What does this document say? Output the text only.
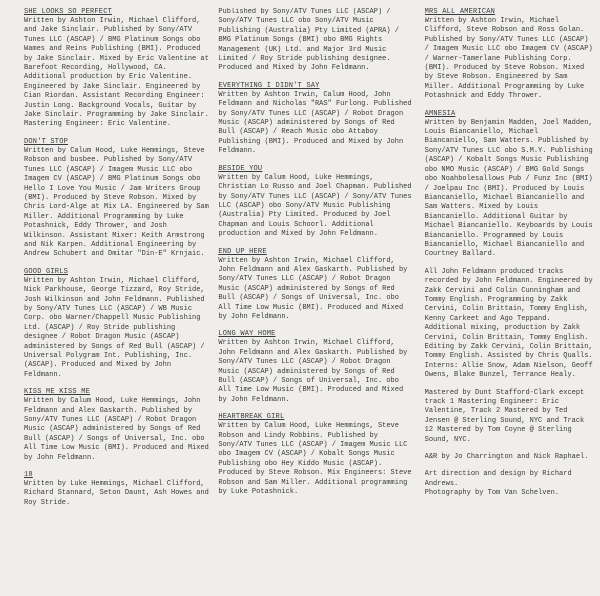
SHE LOOKS SO PERFECT
Written by Ashton Irwin, Michael Clifford, and Jake Sinclair. Published by Sony/ATV Tunes LLC (ASCAP) / BMG Platinum Songs obo Wames and Reins Publishing (BMI). Produced by Jake Sinclair. Mixed by Eric Valentine at Barefoot Recording, Hollywood, CA. Additional production by Eric Valentine. Engineered by Jake Sinclair. Engineered by Cian Riordan. Assistant Recording Engineer: Justin Long. Background Vocals, Guitar by Jake Sinclair. Programming by Jake Sinclair. Mastering Engineer: Eric Valentine.
DON'T STOP
Written by Calum Hood, Luke Hemmings, Steve Robson and busbee. Published by Sony/ATV Tunes LLC (ASCAP) / Imagem Music LLC obo Imagem CV (ASCAP) / BMG Platinum Songs obo Hello I Love You Music / Jam Writers Group (BMI). Produced by Steve Robson. Mixed by Chris Lord-Alge at Mix LA. Engineered by Sam Miller. Additional Programming by Luke Potashnick, Eddy Thrower, and Josh Wilkinson. Assistant Mixer: Keith Armstrong and Nik Karpen. Additional Engineering by Andrew Schubert and Dmitar "Din-E" Krnjaic.
GOOD GIRLS
Written by Ashton Irwin, Michael Clifford, Nick Parkhouse, George Tizzard, Roy Stride, Josh Wilkinson and John Feldmann. Published by Sony/ATV Tunes LLC (ASCAP) / WB Music Corp. obo Warner/Chappell Music Publishing Ltd. (ASCAP) / Roy Stride publishing designee / Robot Dragon Music (ASCAP) administered by Songs of Red Bull (ASCAP) / Universal Polygram Int. Publishing, Inc. (ASCAP). Produced and Mixed by John Feldmann.
KISS ME KISS ME
Written by Calum Hood, Luke Hemmings, John Feldmann and Alex Gaskarth. Published by Sony/ATV Tunes LLC (ASCAP) / Robot Dragon Music (ASCAP) administered by Songs of Red Bull (ASCAP) / Songs of Universal, Inc. obo All Time Low Music (BMI). Produced and Mixed by John Feldmann.
18
Written by Luke Hemmings, Michael Clifford, Richard Stannard, Seton Daunt, Ash Howes and Roy Stride.
Published by Sony/ATV Tunes LLC (ASCAP) / Sony/ATV Tunes LLC obo Sony/ATV Music Publishing (Australia) Pty Limited (APRA) / BMG Platinum Songs (BMI) obo BMG Rights Management (UK) Ltd. and Major 3rd Music Limited / Roy Stride publishing designee. Produced and Mixed by John Feldmann.
EVERYTHING I DIDN'T SAY
Written by Ashton Irwin, Calum Hood, John Feldmann and Nicholas "RAS" Furlong. Published by Sony/ATV Tunes LLC (ASCAP) / Robot Dragon Music (ASCAP) administered by Songs of Red Bull (ASCAP) / Reach Music obo Attaboy Publishing (BMI). Produced and Mixed by John Feldmann.
BESIDE YOU
Written by Calum Hood, Luke Hemmings, Christian Lo Russo and Joel Chapman. Published by Sony/ATV Tunes LLC (ASCAP) / Sony/ATV Tunes LLC (ASCAP) obo Sony/ATV Music Publishing (Australia) Pty Limited. Produced by Joel Chapman and Louis Schoorl. Additional production and Mixed by John Feldmann.
END UP HERE
Written by Ashton Irwin, Michael Clifford, John Feldmann and Alex Gaskarth. Published by Sony/ATV Tunes LLC (ASCAP) / Robot Dragon Music (ASCAP) administered by Songs of Red Bull (ASCAP) / Songs of Universal, Inc. obo All Time Low Music (BMI). Produced and Mixed by John Feldmann.
LONG WAY HOME
Written by Ashton Irwin, Michael Clifford, John Feldmann and Alex Gaskarth. Published by Sony/ATV Tunes LLC (ASCAP) / Robot Dragon Music (ASCAP) administered by Songs of Red Bull (ASCAP) / Songs of Universal, Inc. obo All Time Low Music (BMI). Produced and Mixed by John Feldmann.
HEARTBREAK GIRL
Written by Calum Hood, Luke Hemmings, Steve Robson and Lindy Robbins. Published by Sony/ATV Tunes LLC (ASCAP) / Imagem Music LLC obo Imagem CV (ASCAP) / Kobalt Songs Music Publishing obo Hey Kiddo Music (ASCAP). Produced by Steve Robson. Mix Engineers: Steve Robson and Sam Miller. Additional programming by Luke Potashnick.
MRS ALL AMERICAN
Written by Ashton Irwin, Michael Clifford, Steve Robson and Ross Golan. Published by Sony/ATV Tunes LLC (ASCAP) / Imagem Music LLC obo Imagem CV (ASCAP) / Warner-Tamerlane Publishing Corp. (BMI). Produced by Steve Robson. Mixed by Steve Robson. Engineered by Sam Miller. Additional Programming by Luke Potashnick and Eddy Thrower.
AMNESIA
Written by Benjamin Madden, Joel Madden, Louis Biancaniello, Michael Biancaniello, Sam Watters. Published by Sony/ATV Tunes LLC obo S.M.Y. Publishing (ASCAP) / Kobalt Songs Music Publishing obo NMO Music (ASCAP) / BMG Gold Songs obo Noahbolesallows Pub / Funz Inc (BMI) / Joelpau Inc (BMI). Produced by Louis Biancaniello, Michael Biancaniello and Sam Watters. Mixed by Louis Biancaniello. Additional Guitar by Michael Biancaniello. Keyboards by Louis Biancaniello. Programmed by Louis Biancaniello, Michael Biancaniello and Courtney Ballard.
All John Feldmann produced tracks recorded by John Feldmann. Engineered by Zakk Cervini and Colin Cunningham and Tommy English. Programming by Zakk Cervini, Colin Brittain, Tommy English, Kenny Carkeet and Ago Teppand. Additional mixing, production by Zakk Cervini, Colin Brittain, Tommy English. Editing by Zakk Cervini, Colin Brittain, Tommy English. Assisted by Chris Qualls. Interns: Allie Snow, Adam Nielson, Geoff Owens, Blake Bunzel, Terrance Healy.
Mastered by Dunt Stafford-Clark except track 1 Mastering Engineer: Eric Valentine, Track 2 Mastered by Ted Jensen @ Sterling Sound, NYC and Track 12 Mastered by Tom Coyne @ Sterling Sound, NYC.
A&R by Jo Charrington and Nick Raphael.
Art direction and design by Richard Andrews.
Photography by Tom Van Schelven.
